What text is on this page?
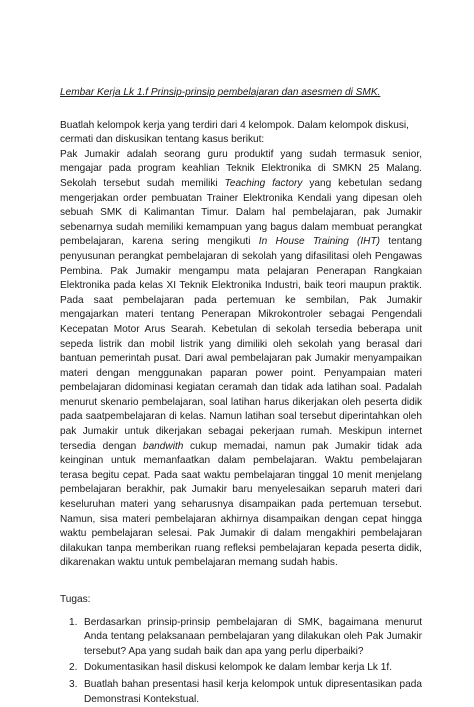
Lembar Kerja Lk 1.f Prinsip-prinsip pembelajaran dan asesmen di SMK.
Buatlah kelompok kerja yang terdiri dari 4 kelompok. Dalam kelompok diskusi, cermati dan diskusikan tentang kasus berikut:

Pak Jumakir adalah seorang guru produktif yang sudah termasuk senior, mengajar pada program keahlian Teknik Elektronika di SMKN 25 Malang. Sekolah tersebut sudah memiliki Teaching factory yang kebetulan sedang mengerjakan order pembuatan Trainer Elektronika Kendali yang dipesan oleh sebuah SMK di Kalimantan Timur. Dalam hal pembelajaran, pak Jumakir sebenarnya sudah memiliki kemampuan yang bagus dalam membuat perangkat pembelajaran, karena sering mengikuti In House Training (IHT) tentang penyusunan perangkat pembelajaran di sekolah yang difasilitasi oleh Pengawas Pembina. Pak Jumakir mengampu mata pelajaran Penerapan Rangkaian Elektronika pada kelas XI Teknik Elektronika Industri, baik teori maupun praktik. Pada saat pembelajaran pada pertemuan ke sembilan, Pak Jumakir mengajarkan materi tentang Penerapan Mikrokontroler sebagai Pengendali Kecepatan Motor Arus Searah. Kebetulan di sekolah tersedia beberapa unit sepeda listrik dan mobil listrik yang dimiliki oleh sekolah yang berasal dari bantuan pemerintah pusat. Dari awal pembelajaran pak Jumakir menyampaikan materi dengan menggunakan paparan power point. Penyampaian materi pembelajaran didominasi kegiatan ceramah dan tidak ada latihan soal. Padalah menurut skenario pembelajaran, soal latihan harus dikerjakan oleh peserta didik pada saatpembelajaran di kelas. Namun latihan soal tersebut diperintahkan oleh pak Jumakir untuk dikerjakan sebagai pekerjaan rumah. Meskipun internet tersedia dengan bandwith cukup memadai, namun pak Jumakir tidak ada keinginan untuk memanfaatkan dalam pembelajaran. Waktu pembelajaran terasa begitu cepat. Pada saat waktu pembelajaran tinggal 10 menit menjelang pembelajaran berakhir, pak Jumakir baru menyelesaikan separuh materi dari keseluruhan materi yang seharusnya disampaikan pada pertemuan tersebut. Namun, sisa materi pembelajaran akhirnya disampaikan dengan cepat hingga waktu pembelajaran selesai. Pak Jumakir di dalam mengakhiri pembelajaran dilakukan tanpa memberikan ruang refleksi pembelajaran kepada peserta didik, dikarenakan waktu untuk pembelajaran memang sudah habis.

Tugas:
1. Berdasarkan prinsip-prinsip pembelajaran di SMK, bagaimana menurut Anda tentang pelaksanaan pembelajaran yang dilakukan oleh Pak Jumakir tersebut? Apa yang sudah baik dan apa yang perlu diperbaiki?
2. Dokumentasikan hasil diskusi kelompok ke dalam lembar kerja Lk 1f.
3. Buatlah bahan presentasi hasil kerja kelompok untuk dipresentasikan pada Demonstrasi Kontekstual.
